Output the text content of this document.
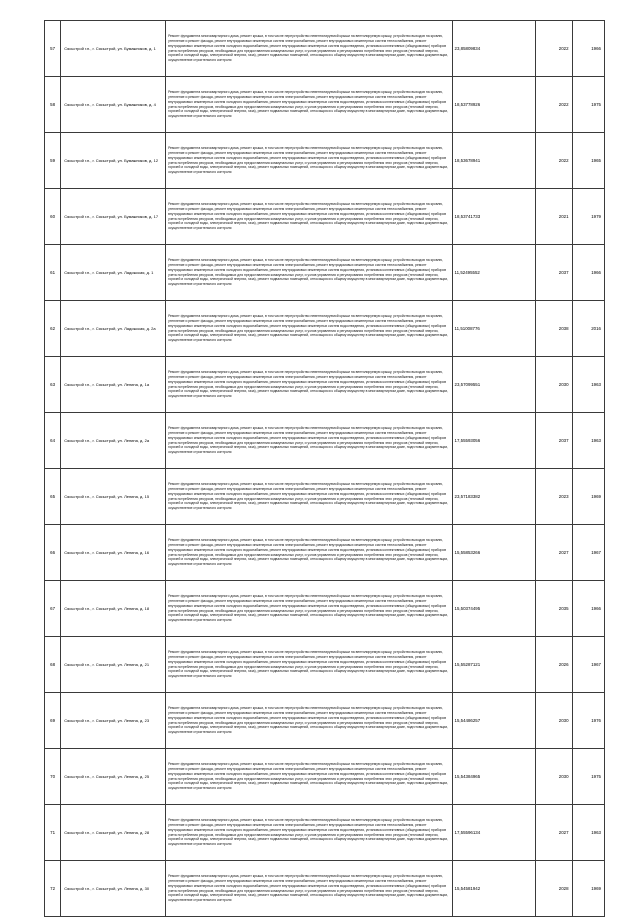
57	Сясьстрой г.п., г. Сясьстрой, ул. Бумажников, д. 1	Ремонт фундамента многоквартирного дома, ремонт крыши, в том числе переустройство невентилируемой крыши на вентилируемую крышу, устройство выходов на кровлю, утепление и ремонт фасада, ремонт внутридомовых инженерных систем электроснабжения, ремонт внутридомовых инженерных систем теплоснабжения, ремонт внутридомовых инженерных систем холодного водоснабжения, ремонт внутридомовых инженерных систем водоотведения, установка коллективных (общедомовых) приборов учета потребления ресурсов, необходимых для предоставления коммунальных услуг, и узлов управления и регулирования потребления этих ресурсов (тепловой энергии, горячей и холодной воды, электрической энергии, газа), ремонт подвальных помещений, относящихся к общему имуществу в многоквартирном доме, подготовка документации, осуществление строительного контроля	23,85809834	2022	1966
58	Сясьстрой г.п., г. Сясьстрой, ул. Бумажников, д. 4	Ремонт фундамента многоквартирного дома, ремонт крыши, в том числе переустройство невентилируемой крыши на вентилируемую крышу, устройство выходов на кровлю, утепление и ремонт фасада, ремонт внутридомовых инженерных систем электроснабжения, ремонт внутридомовых инженерных систем теплоснабжения, ремонт внутридомовых инженерных систем холодного водоснабжения, ремонт внутридомовых инженерных систем водоотведения, установка коллективных (общедомовых) приборов учета потребления ресурсов, необходимых для предоставления коммунальных услуг, и узлов управления и регулирования потребления этих ресурсов (тепловой энергии, горячей и холодной воды, электрической энергии, газа), ремонт подвальных помещений, относящихся к общему имуществу в многоквартирном доме, подготовка документации, осуществление строительного контроля	18,53778926	2022	1975
59	Сясьстрой г.п., г. Сясьстрой, ул. Бумажников, д. 12	Ремонт фундамента многоквартирного дома, ремонт крыши, в том числе переустройство невентилируемой крыши на вентилируемую крышу, устройство выходов на кровлю, утепление и ремонт фасада, ремонт внутридомовых инженерных систем электроснабжения, ремонт внутридомовых инженерных систем теплоснабжения, ремонт внутридомовых инженерных систем холодного водоснабжения, ремонт внутридомовых инженерных систем водоотведения, установка коллективных (общедомовых) приборов учета потребления ресурсов, необходимых для предоставления коммунальных услуг, и узлов управления и регулирования потребления этих ресурсов (тепловой энергии, горячей и холодной воды, электрической энергии, газа), ремонт подвальных помещений, относящихся к общему имуществу в многоквартирном доме, подготовка документации, осуществление строительного контроля	18,53678941	2022	1965
60	Сясьстрой г.п., г. Сясьстрой, ул. Бумажников, д. 17	Ремонт фундамента многоквартирного дома, ремонт крыши, в том числе переустройство невентилируемой крыши на вентилируемую крышу, устройство выходов на кровлю, утепление и ремонт фасада, ремонт внутридомовых инженерных систем электроснабжения, ремонт внутридомовых инженерных систем теплоснабжения, ремонт внутридомовых инженерных систем холодного водоснабжения, ремонт внутридомовых инженерных систем водоотведения, установка коллективных (общедомовых) приборов учета потребления ресурсов, необходимых для предоставления коммунальных услуг, и узлов управления и регулирования потребления этих ресурсов (тепловой энергии, горячей и холодной воды, электрической энергии, газа), ремонт подвальных помещений, относящихся к общему имуществу в многоквартирном доме, подготовка документации, осуществление строительного контроля	18,53741733	2021	1979
61	Сясьстрой г.п., г. Сясьстрой, ул. Ладожская, д. 1	Ремонт фундамента многоквартирного дома, ремонт крыши, в том числе переустройство невентилируемой крыши на вентилируемую крышу, устройство выходов на кровлю, утепление и ремонт фасада, ремонт внутридомовых инженерных систем электроснабжения, ремонт внутридомовых инженерных систем теплоснабжения, ремонт внутридомовых инженерных систем холодного водоснабжения, ремонт внутридомовых инженерных систем водоотведения, установка коллективных (общедомовых) приборов учета потребления ресурсов, необходимых для предоставления коммунальных услуг, и узлов управления и регулирования потребления этих ресурсов (тепловой энергии, горячей и холодной воды, электрической энергии, газа), ремонт подвальных помещений, относящихся к общему имуществу в многоквартирном доме, подготовка документации, осуществление строительного контроля	11,52495552	2037	1966
62	Сясьстрой г.п., г. Сясьстрой, ул. Ладожская, д. 2а	Ремонт фундамента многоквартирного дома, ремонт крыши, в том числе переустройство невентилируемой крыши на вентилируемую крышу, устройство выходов на кровлю, утепление и ремонт фасада, ремонт внутридомовых инженерных систем электроснабжения, ремонт внутридомовых инженерных систем теплоснабжения, ремонт внутридомовых инженерных систем холодного водоснабжения, ремонт внутридомовых инженерных систем водоотведения, установка коллективных (общедомовых) приборов учета потребления ресурсов, необходимых для предоставления коммунальных услуг, и узлов управления и регулирования потребления этих ресурсов (тепловой энергии, горячей и холодной воды, электрической энергии, газа), ремонт подвальных помещений, относящихся к общему имуществу в многоквартирном доме, подготовка документации, осуществление строительного контроля	11,51008776	2038	2016
63	Сясьстрой г.п., г. Сясьстрой, ул. Ленина, д. 1а	Ремонт фундамента многоквартирного дома, ремонт крыши, в том числе переустройство невентилируемой крыши на вентилируемую крышу, устройство выходов на кровлю, утепление и ремонт фасада, ремонт внутридомовых инженерных систем электроснабжения, ремонт внутридомовых инженерных систем теплоснабжения, ремонт внутридомовых инженерных систем холодного водоснабжения, ремонт внутридомовых инженерных систем водоотведения, установка коллективных (общедомовых) приборов учета потребления ресурсов, необходимых для предоставления коммунальных услуг, и узлов управления и регулирования потребления этих ресурсов (тепловой энергии, горячей и холодной воды, электрической энергии, газа), ремонт подвальных помещений, относящихся к общему имуществу в многоквартирном доме, подготовка документации, осуществление строительного контроля	23,57099551	2030	1963
64	Сясьстрой г.п., г. Сясьстрой, ул. Ленина, д. 2а	Ремонт фундамента многоквартирного дома, ремонт крыши, в том числе переустройство невентилируемой крыши на вентилируемую крышу, устройство выходов на кровлю, утепление и ремонт фасада, ремонт внутридомовых инженерных систем электроснабжения, ремонт внутридомовых инженерных систем теплоснабжения, ремонт внутридомовых инженерных систем холодного водоснабжения, ремонт внутридомовых инженерных систем водоотведения, установка коллективных (общедомовых) приборов учета потребления ресурсов, необходимых для предоставления коммунальных услуг, и узлов управления и регулирования потребления этих ресурсов (тепловой энергии, горячей и холодной воды, электрической энергии, газа), ремонт подвальных помещений, относящихся к общему имуществу в многоквартирном доме, подготовка документации, осуществление строительного контроля	17,55593056	2037	1963
65	Сясьстрой г.п., г. Сясьстрой, ул. Ленина, д. 15	Ремонт фундамента многоквартирного дома, ремонт крыши, в том числе переустройство невентилируемой крыши на вентилируемую крышу, устройство выходов на кровлю, утепление и ремонт фасада, ремонт внутридомовых инженерных систем электроснабжения, ремонт внутридомовых инженерных систем теплоснабжения, ремонт внутридомовых инженерных систем холодного водоснабжения, ремонт внутридомовых инженерных систем водоотведения, установка коллективных (общедомовых) приборов учета потребления ресурсов, необходимых для предоставления коммунальных услуг, и узлов управления и регулирования потребления этих ресурсов (тепловой энергии, горячей и холодной воды, электрической энергии, газа), ремонт подвальных помещений, относящихся к общему имуществу в многоквартирном доме, подготовка документации, осуществление строительного контроля	23,57183382	2023	1969
66	Сясьстрой г.п., г. Сясьстрой, ул. Ленина, д. 16	Ремонт фундамента многоквартирного дома, ремонт крыши, в том числе переустройство невентилируемой крыши на вентилируемую крышу, устройство выходов на кровлю, утепление и ремонт фасада, ремонт внутридомовых инженерных систем электроснабжения, ремонт внутридомовых инженерных систем теплоснабжения, ремонт внутридомовых инженерных систем холодного водоснабжения, ремонт внутридомовых инженерных систем водоотведения, установка коллективных (общедомовых) приборов учета потребления ресурсов, необходимых для предоставления коммунальных услуг, и узлов управления и регулирования потребления этих ресурсов (тепловой энергии, горячей и холодной воды, электрической энергии, газа), ремонт подвальных помещений, относящихся к общему имуществу в многоквартирном доме, подготовка документации, осуществление строительного контроля	15,55853266	2027	1967
67	Сясьстрой г.п., г. Сясьстрой, ул. Ленина, д. 18	Ремонт фундамента многоквартирного дома, ремонт крыши, в том числе переустройство невентилируемой крыши на вентилируемую крышу, устройство выходов на кровлю, утепление и ремонт фасада, ремонт внутридомовых инженерных систем электроснабжения, ремонт внутридомовых инженерных систем теплоснабжения, ремонт внутридомовых инженерных систем холодного водоснабжения, ремонт внутридомовых инженерных систем водоотведения, установка коллективных (общедомовых) приборов учета потребления ресурсов, необходимых для предоставления коммунальных услуг, и узлов управления и регулирования потребления этих ресурсов (тепловой энергии, горячей и холодной воды, электрической энергии, газа), ремонт подвальных помещений, относящихся к общему имуществу в многоквартирном доме, подготовка документации, осуществление строительного контроля	15,50374495	2035	1966
68	Сясьстрой г.п., г. Сясьстрой, ул. Ленина, д. 21	Ремонт фундамента многоквартирного дома, ремонт крыши, в том числе переустройство невентилируемой крыши на вентилируемую крышу, устройство выходов на кровлю, утепление и ремонт фасада, ремонт внутридомовых инженерных систем электроснабжения, ремонт внутридомовых инженерных систем теплоснабжения, ремонт внутридомовых инженерных систем холодного водоснабжения, ремонт внутридомовых инженерных систем водоотведения, установка коллективных (общедомовых) приборов учета потребления ресурсов, необходимых для предоставления коммунальных услуг, и узлов управления и регулирования потребления этих ресурсов (тепловой энергии, горячей и холодной воды, электрической энергии, газа), ремонт подвальных помещений, относящихся к общему имуществу в многоквартирном доме, подготовка документации, осуществление строительного контроля	15,55287121	2026	1967
69	Сясьстрой г.п., г. Сясьстрой, ул. Ленина, д. 23	Ремонт фундамента многоквартирного дома, ремонт крыши, в том числе переустройство невентилируемой крыши на вентилируемую крышу, устройство выходов на кровлю, утепление и ремонт фасада, ремонт внутридомовых инженерных систем электроснабжения, ремонт внутридомовых инженерных систем теплоснабжения, ремонт внутридомовых инженерных систем холодного водоснабжения, ремонт внутридомовых инженерных систем водоотведения, установка коллективных (общедомовых) приборов учета потребления ресурсов, необходимых для предоставления коммунальных услуг, и узлов управления и регулирования потребления этих ресурсов (тепловой энергии, горячей и холодной воды, электрической энергии, газа), ремонт подвальных помещений, относящихся к общему имуществу в многоквартирном доме, подготовка документации, осуществление строительного контроля	15,54486257	2030	1976
70	Сясьстрой г.п., г. Сясьстрой, ул. Ленина, д. 25	Ремонт фундамента многоквартирного дома, ремонт крыши, в том числе переустройство невентилируемой крыши на вентилируемую крышу, устройство выходов на кровлю, утепление и ремонт фасада, ремонт внутридомовых инженерных систем электроснабжения, ремонт внутридомовых инженерных систем теплоснабжения, ремонт внутридомовых инженерных систем холодного водоснабжения, ремонт внутридомовых инженерных систем водоотведения, установка коллективных (общедомовых) приборов учета потребления ресурсов, необходимых для предоставления коммунальных услуг, и узлов управления и регулирования потребления этих ресурсов (тепловой энергии, горячей и холодной воды, электрической энергии, газа), ремонт подвальных помещений, относящихся к общему имуществу в многоквартирном доме, подготовка документации, осуществление строительного контроля	15,54384965	2030	1975
71	Сясьстрой г.п., г. Сясьстрой, ул. Ленина, д. 28	Ремонт фундамента многоквартирного дома, ремонт крыши, в том числе переустройство невентилируемой крыши на вентилируемую крышу, устройство выходов на кровлю, утепление и ремонт фасада, ремонт внутридомовых инженерных систем электроснабжения, ремонт внутридомовых инженерных систем теплоснабжения, ремонт внутридомовых инженерных систем холодного водоснабжения, ремонт внутридомовых инженерных систем водоотведения, установка коллективных (общедомовых) приборов учета потребления ресурсов, необходимых для предоставления коммунальных услуг, и узлов управления и регулирования потребления этих ресурсов (тепловой энергии, горячей и холодной воды, электрической энергии, газа), ремонт подвальных помещений, относящихся к общему имуществу в многоквартирном доме, подготовка документации, осуществление строительного контроля	17,55596134	2027	1963
72	Сясьстрой г.п., г. Сясьстрой, ул. Ленина, д. 30	Ремонт фундамента многоквартирного дома, ремонт крыши, в том числе переустройство невентилируемой крыши на вентилируемую крышу, устройство выходов на кровлю, утепление и ремонт фасада, ремонт внутридомовых инженерных систем электроснабжения, ремонт внутридомовых инженерных систем теплоснабжения, ремонт внутридомовых инженерных систем холодного водоснабжения, ремонт внутридомовых инженерных систем водоотведения, установка коллективных (общедомовых) приборов учета потребления ресурсов, необходимых для предоставления коммунальных услуг, и узлов управления и регулирования потребления этих ресурсов (тепловой энергии, горячей и холодной воды, электрической энергии, газа), ремонт подвальных помещений, относящихся к общему имуществу в многоквартирном доме, подготовка документации, осуществление строительного контроля	15,54581942	2028	1969
